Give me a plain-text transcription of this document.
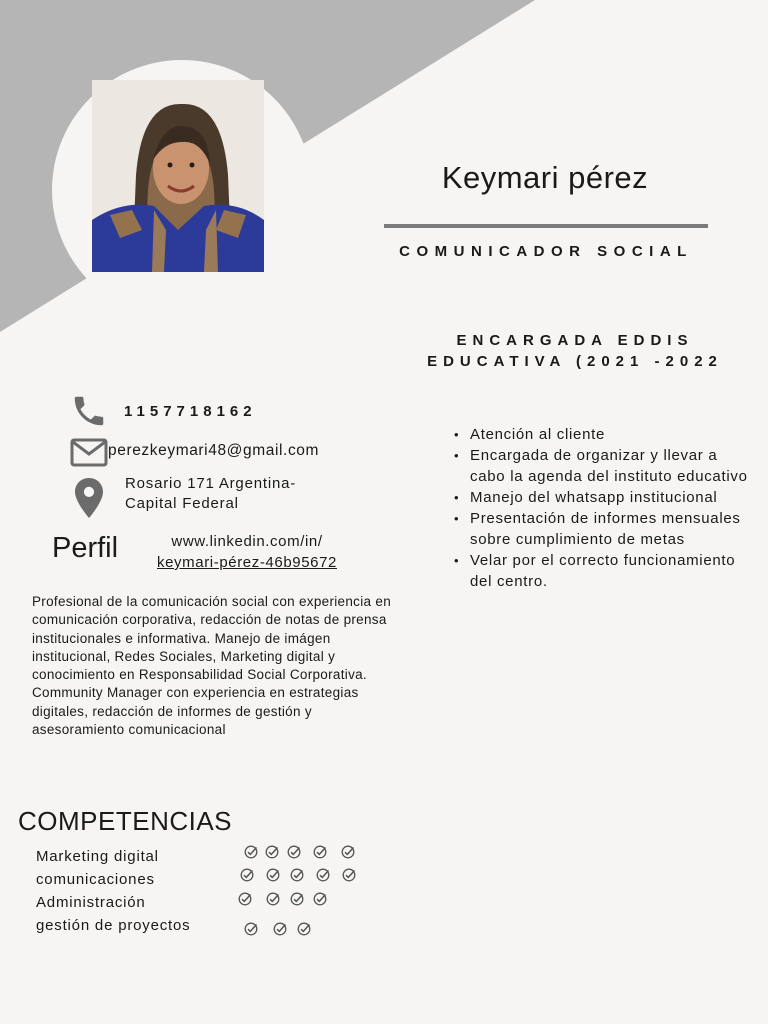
Keymari pérez
COMUNICADOR SOCIAL
ENCARGADA EDDIS
EDUCATIVA (2021 -2022
1157718162
perezkeymari48@gmail.com
Rosario 171 Argentina-
Capital Federal
Perfil	www.linkedin.com/in/
keymari-pérez-46b95672

Profesional de la comunicación social con experiencia en comunicación corporativa, redacción de notas de prensa institucionales e informativa. Manejo de imágen institucional, Redes Sociales, Marketing digital y conocimiento en Responsabilidad Social Corporativa.

Community Manager con experiencia en estrategias digitales, redacción de informes de gestión y asesoramiento comunicacional

• Atención al cliente
• Encargada de organizar y llevar a cabo la agenda del instituto educativo
• Manejo del whatsapp institucional
• Presentación de informes mensuales sobre cumplimiento de metas
• Velar por el correcto funcionamiento del centro.
COMPETENCIAS
Marketing digital
comunicaciones
Administración
gestión de proyectos
